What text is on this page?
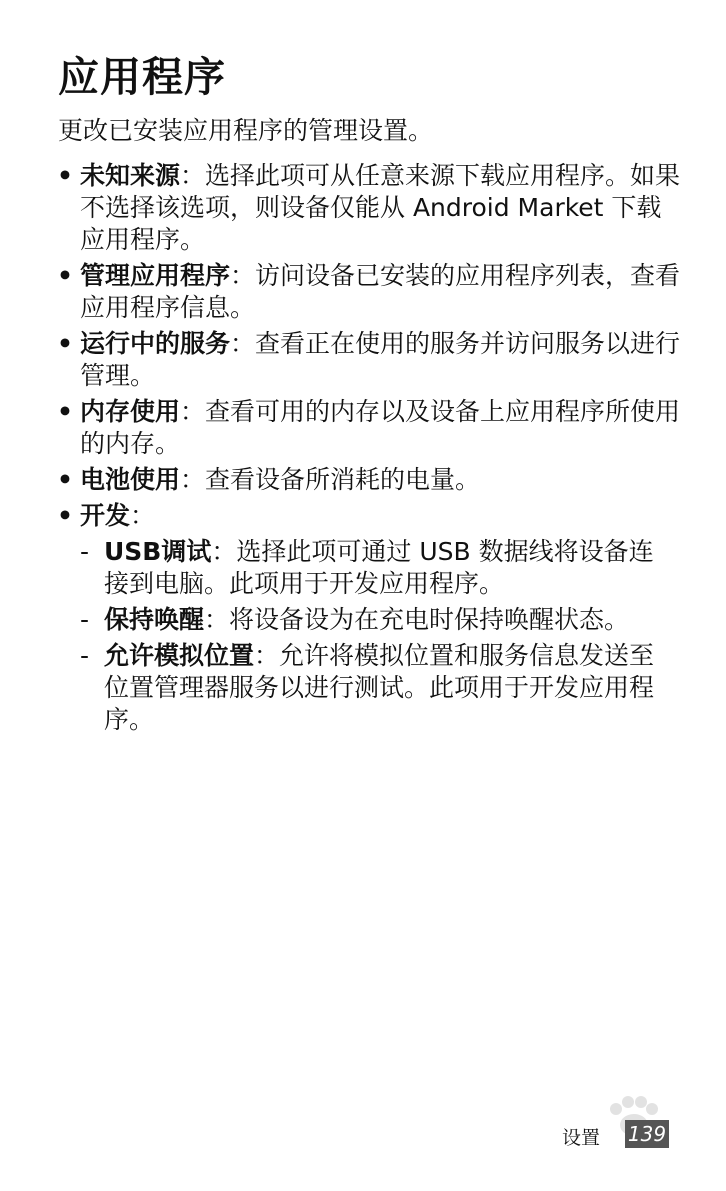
应用程序
更改已安装应用程序的管理设置。
• 未知来源：选择此项可从任意来源下载应用程序。如果不选择该选项，则设备仅能从 Android Market 下载应用程序。
• 管理应用程序：访问设备已安装的应用程序列表，查看应用程序信息。
• 运行中的服务：查看正在使用的服务并访问服务以进行管理。
• 内存使用：查看可用的内存以及设备上应用程序所使用的内存。
• 电池使用：查看设备所消耗的电量。
• 开发：
- USB调试：选择此项可通过 USB 数据线将设备连接到电脑。此项用于开发应用程序。
- 保持唤醒：将设备设为在充电时保持唤醒状态。
- 允许模拟位置：允许将模拟位置和服务信息发送至位置管理器服务以进行测试。此项用于开发应用程序。
设置 139
